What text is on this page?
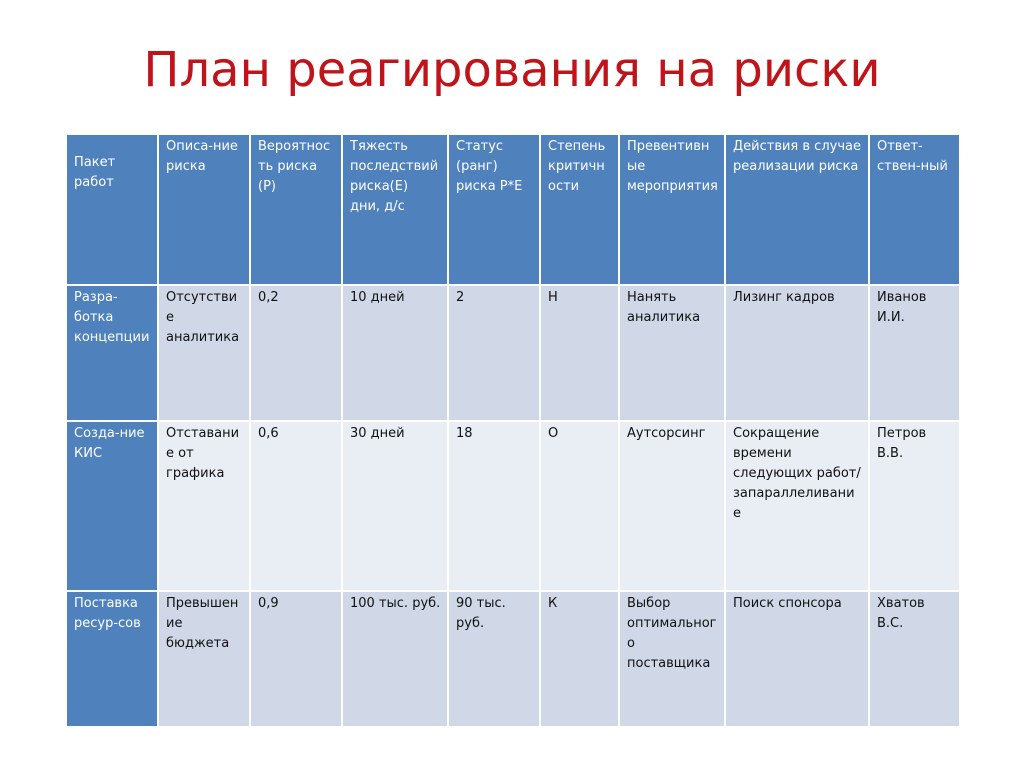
План реагирования на риски
Пакет работ	Описа-ние риска	Вероятность риска (Р)	Тяжесть последствий риска(Е) дни, д/с	Статус (ранг) риска Р*Е	Степень критичности	Превентивные мероприятия	Действия в случае реализации риска	Ответ-ствен-ный
Разра-ботка концепции	Отсутствие аналитика	0,2	10 дней	2	Н	Нанять аналитика	Лизинг кадров	Иванов И.И.
Созда-ние КИС	Отставание от графика	0,6	30 дней	18	О	Аутсорсинг	Сокращение времени следующих работ/запараллеливание	Петров В.В.
Поставка ресур-сов	Превышение бюджета	0,9	100 тыс. руб.	90 тыс. руб.	К	Выбор оптимального поставщика	Поиск спонсора	Хватов В.С.
